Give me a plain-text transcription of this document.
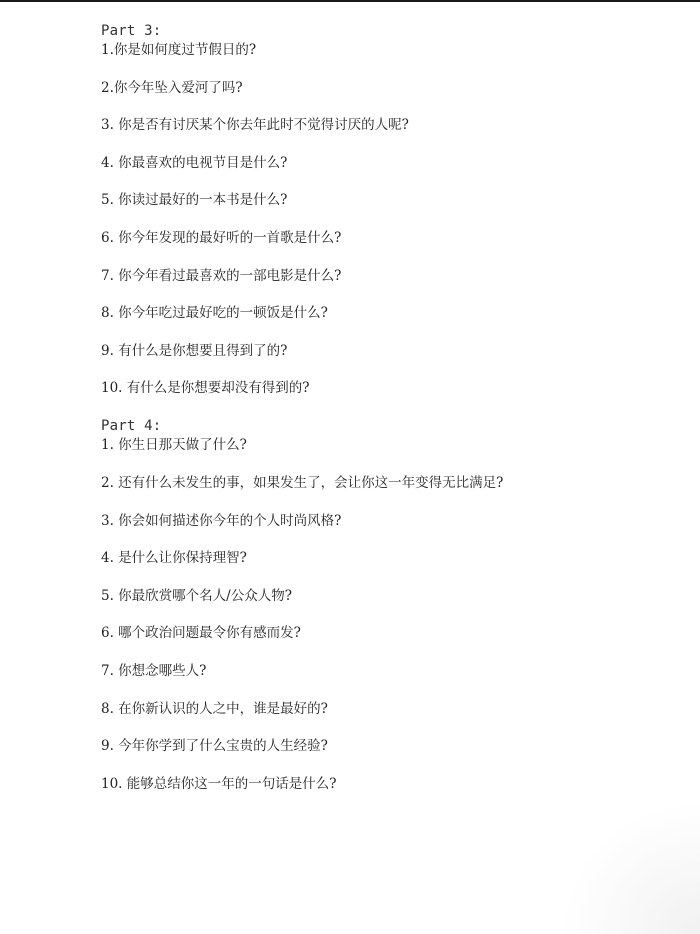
Part 3:
1.你是如何度过节假日的?
2.你今年坠入爱河了吗?
3. 你是否有讨厌某个你去年此时不觉得讨厌的人呢?
4. 你最喜欢的电视节目是什么?
5. 你读过最好的一本书是什么?
6. 你今年发现的最好听的一首歌是什么?
7. 你今年看过最喜欢的一部电影是什么?
8. 你今年吃过最好吃的一顿饭是什么?
9. 有什么是你想要且得到了的?
10. 有什么是你想要却没有得到的?
Part 4:
1. 你生日那天做了什么?
2. 还有什么未发生的事，如果发生了，会让你这一年变得无比满足?
3. 你会如何描述你今年的个人时尚风格?
4. 是什么让你保持理智?
5. 你最欣赏哪个名人/公众人物?
6. 哪个政治问题最令你有感而发?
7. 你想念哪些人?
8. 在你新认识的人之中，谁是最好的?
9. 今年你学到了什么宝贵的人生经验?
10. 能够总结你这一年的一句话是什么?
